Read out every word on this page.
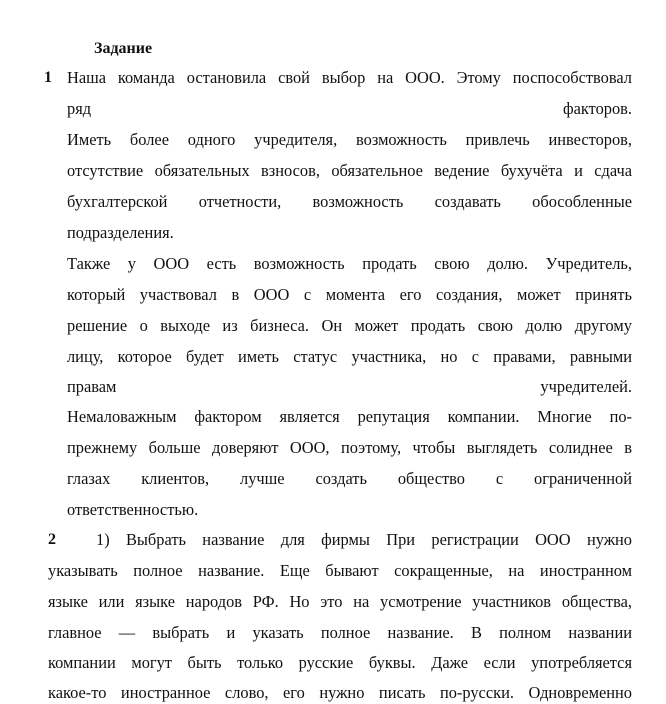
Задание
1 Наша команда остановила свой выбор на ООО. Этому поспособствовал
ряд факторов.
Иметь более одного учредителя, возможность привлечь инвесторов,
отсутствие обязательных взносов, обязательное ведение бухучёта и сдача
бухгалтерской отчетности, возможность создавать обособленные
подразделения.
Также у ООО есть возможность продать свою долю. Учредитель,
который участвовал в ООО с момента его создания, может принять
решение о выходе из бизнеса. Он может продать свою долю другому
лицу, которое будет иметь статус участника, но с правами, равными
правам учредителей.
Немаловажным фактором является репутация компании. Многие по-
прежнему больше доверяют ООО, поэтому, чтобы выглядеть солиднее в
глазах клиентов, лучше создать общество с ограниченной
ответственностью.
2 1) Выбрать название для фирмы При регистрации ООО нужно
указывать полное название. Еще бывают сокращенные, на иностранном
языке или языке народов РФ. Но это на усмотрение участников общества,
главное — выбрать и указать полное название. В полном названии
компании могут быть только русские буквы. Даже если употребляется
какое-то иностранное слово, его нужно писать по-русски. Одновременно
